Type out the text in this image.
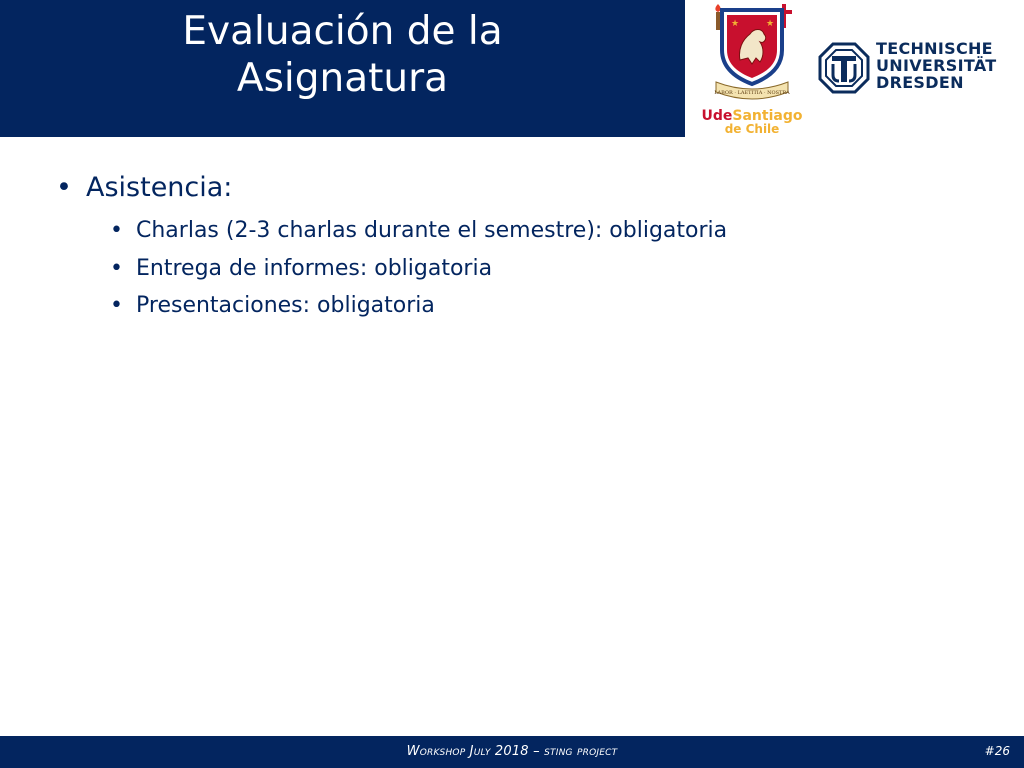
Evaluación de la
Asignatura
★	★
LABOR · LAETITIA · NOSTRA
UdeSantiago
de Chile
TECHNISCHE
UNIVERSITÄT
DRESDEN

• Asistencia:

• Charlas (2-3 charlas durante el semestre): obligatoria
• Entrega de informes: obligatoria
• Presentaciones: obligatoria
Workshop July 2018 – sting project	#26
